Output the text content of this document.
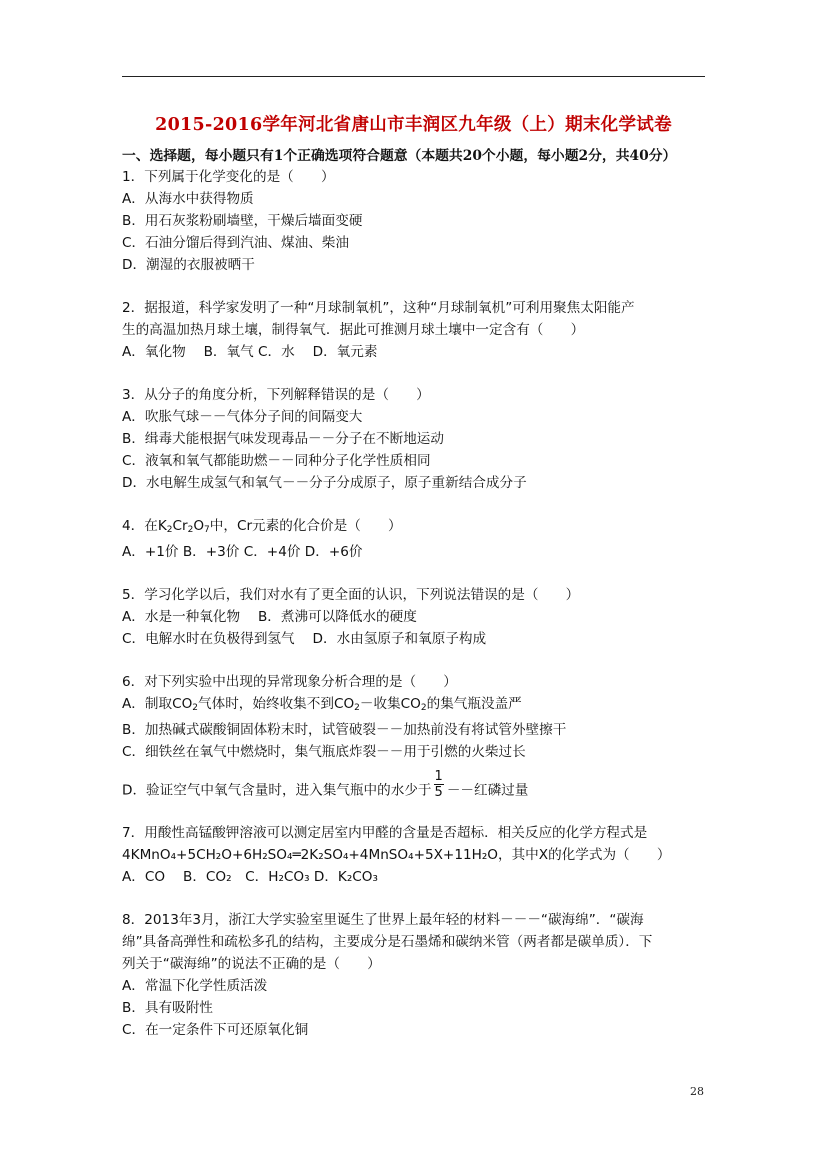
2015-2016学年河北省唐山市丰润区九年级（上）期末化学试卷
一、选择题，每小题只有1个正确选项符合题意（本题共20个小题，每小题2分，共40分）
1．下列属于化学变化的是（　　）
A．从海水中获得物质
B．用石灰浆粉刷墙壁，干燥后墙面变硬
C．石油分馏后得到汽油、煤油、柴油
D．潮湿的衣服被晒干
2．据报道，科学家发明了一种“月球制氧机”，这种“月球制氧机”可利用聚焦太阳能产
生的高温加热月球土壤，制得氧气．据此可推测月球土壤中一定含有（　　）
A．氧化物　 B．氧气 C．水　 D．氧元素
3．从分子的角度分析，下列解释错误的是（　　）
A．吹胀气球－－气体分子间的间隔变大
B．缉毒犬能根据气味发现毒品－－分子在不断地运动
C．液氧和氧气都能助燃－－同种分子化学性质相同
D．水电解生成氢气和氧气－－分子分成原子，原子重新结合成分子
4．在$K_2Cr_2O_7$中，Cr元素的化合价是（　　）
A．+1价 B．+3价 C．+4价 D．+6价
5．学习化学以后，我们对水有了更全面的认识，下列说法错误的是（　　）
A．水是一种氧化物　 B．煮沸可以降低水的硬度
C．电解水时在负极得到氢气　 D．水由氢原子和氧原子构成
6．对下列实验中出现的异常现象分析合理的是（　　）
A．制取$CO_2$气体时，始终收集不到$CO_2-$收集$CO_2$的集气瓶没盖严
B．加热碱式碳酸铜固体粉末时，试管破裂－－加热前没有将试管外壁擦干
C．细铁丝在氧气中燃烧时，集气瓶底炸裂－－用于引燃的火柴过长
D．验证空气中氧气含量时，进入集气瓶中的水少于 $\frac{1}{5}$ －－红磷过量
7．用酸性高锰酸钾溶液可以测定居室内甲醛的含量是否超标．相关反应的化学方程式是
4KMnO₄+5CH₂O+6H₂SO₄═2K₂SO₄+4MnSO₄+5X+11H₂O，其中X的化学式为（　　）
A．CO　 B．CO₂　C．H₂CO₃ D．K₂CO₃
8．2013年3月，浙江大学实验室里诞生了世界上最年轻的材料－－－“碳海绵”．“碳海
绵”具备高弹性和疏松多孔的结构，主要成分是石墨烯和碳纳米管（两者都是碳单质）．下
列关于“碳海绵”的说法不正确的是（　　）
A．常温下化学性质活泼
B．具有吸附性
C．在一定条件下可还原氧化铜
28
